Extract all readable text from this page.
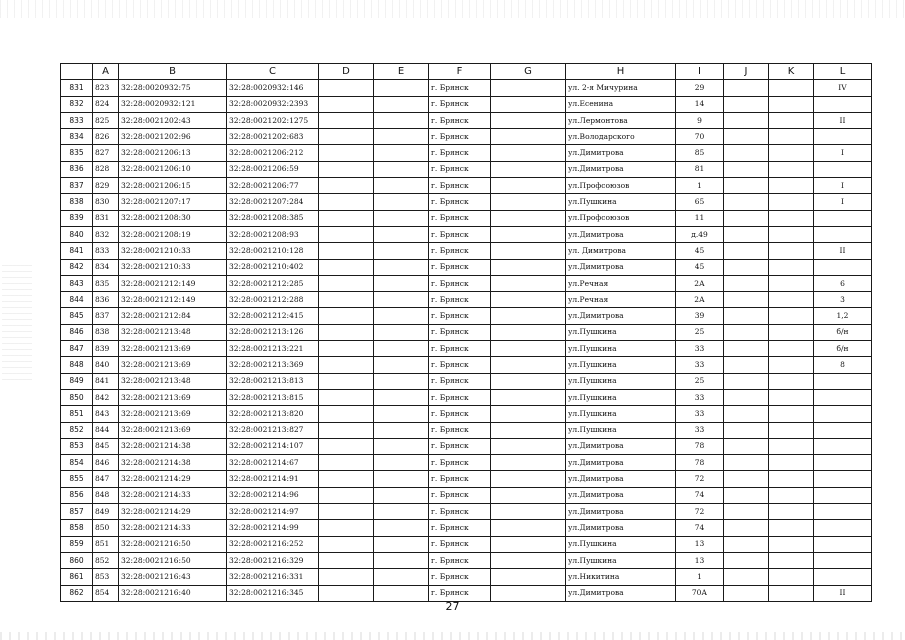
	A	B	C	D	E	F	G	H	I	J	K	L
831	823	32:28:0020932:75	32:28:0020932:146			г. Брянск		ул. 2-я Мичурина	29			IV
832	824	32:28:0020932:121	32:28:0020932:2393			г. Брянск		ул.Есенина	14			
833	825	32:28:0021202:43	32:28:0021202:1275			г. Брянск		ул.Лермонтова	9			II
834	826	32:28:0021202:96	32:28:0021202:683			г. Брянск		ул.Володарского	70			
835	827	32:28:0021206:13	32:28:0021206:212			г. Брянск		ул.Димитрова	85			I
836	828	32:28:0021206:10	32:28:0021206:59			г. Брянск		ул.Димитрова	81			
837	829	32:28:0021206:15	32:28:0021206:77			г. Брянск		ул.Профсоюзов	1			I
838	830	32:28:0021207:17	32:28:0021207:284			г. Брянск		ул.Пушкина	65			I
839	831	32:28:0021208:30	32:28:0021208:385			г. Брянск		ул.Профсоюзов	11			
840	832	32:28:0021208:19	32:28:0021208:93			г. Брянск		ул.Димитрова	д.49			
841	833	32:28:0021210:33	32:28:0021210:128			г. Брянск		ул. Димитрова	45			II
842	834	32:28:0021210:33	32:28:0021210:402			г. Брянск		ул.Димитрова	45			
843	835	32:28:0021212:149	32:28:0021212:285			г. Брянск		ул.Речная	2А			6
844	836	32:28:0021212:149	32:28:0021212:288			г. Брянск		ул.Речная	2А			3
845	837	32:28:0021212:84	32:28:0021212:415			г. Брянск		ул.Димитрова	39			1,2
846	838	32:28:0021213:48	32:28:0021213:126			г. Брянск		ул.Пушкина	25			б/н
847	839	32:28:0021213:69	32:28:0021213:221			г. Брянск		ул.Пушкина	33			б/н
848	840	32:28:0021213:69	32:28:0021213:369			г. Брянск		ул.Пушкина	33			8
849	841	32:28:0021213:48	32:28:0021213:813			г. Брянск		ул.Пушкина	25			
850	842	32:28:0021213:69	32:28:0021213:815			г. Брянск		ул.Пушкина	33			
851	843	32:28:0021213:69	32:28:0021213:820			г. Брянск		ул.Пушкина	33			
852	844	32:28:0021213:69	32:28:0021213:827			г. Брянск		ул.Пушкина	33			
853	845	32:28:0021214:38	32:28:0021214:107			г. Брянск		ул.Димитрова	78			
854	846	32:28:0021214:38	32:28:0021214:67			г. Брянск		ул.Димитрова	78			
855	847	32:28:0021214:29	32:28:0021214:91			г. Брянск		ул.Димитрова	72			
856	848	32:28:0021214:33	32:28:0021214:96			г. Брянск		ул.Димитрова	74			
857	849	32:28:0021214:29	32:28:0021214:97			г. Брянск		ул.Димитрова	72			
858	850	32:28:0021214:33	32:28:0021214:99			г. Брянск		ул.Димитрова	74			
859	851	32:28:0021216:50	32:28:0021216:252			г. Брянск		ул.Пушкина	13			
860	852	32:28:0021216:50	32:28:0021216:329			г. Брянск		ул.Пушкина	13			
861	853	32:28:0021216:43	32:28:0021216:331			г. Брянск		ул.Никитина	1			
862	854	32:28:0021216:40	32:28:0021216:345			г. Брянск		ул.Димитрова	70А			II
27
